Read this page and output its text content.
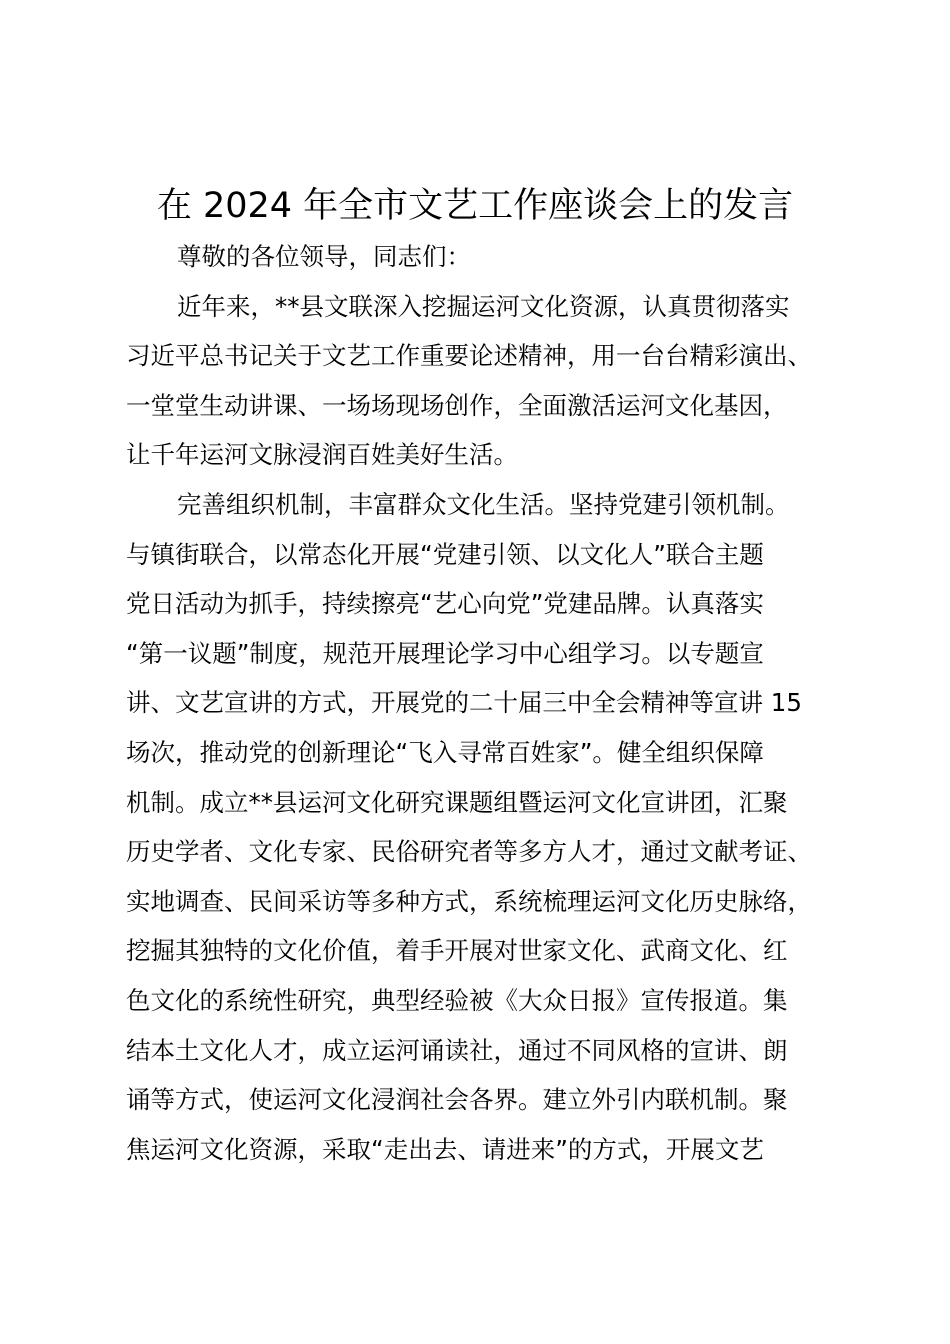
在 2024 年全市文艺工作座谈会上的发言
尊敬的各位领导，同志们：
近年来，**县文联深入挖掘运河文化资源，认真贯彻落实
习近平总书记关于文艺工作重要论述精神，用一台台精彩演出、
一堂堂生动讲课、一场场现场创作，全面激活运河文化基因，
让千年运河文脉浸润百姓美好生活。
完善组织机制，丰富群众文化生活。坚持党建引领机制。
与镇街联合，以常态化开展“党建引领、以文化人”联合主题
党日活动为抓手，持续擦亮“艺心向党”党建品牌。认真落实
“第一议题”制度，规范开展理论学习中心组学习。以专题宣
讲、文艺宣讲的方式，开展党的二十届三中全会精神等宣讲 15
场次，推动党的创新理论“飞入寻常百姓家”。健全组织保障
机制。成立**县运河文化研究课题组暨运河文化宣讲团，汇聚
历史学者、文化专家、民俗研究者等多方人才，通过文献考证、
实地调查、民间采访等多种方式，系统梳理运河文化历史脉络，
挖掘其独特的文化价值，着手开展对世家文化、武商文化、红
色文化的系统性研究，典型经验被《大众日报》宣传报道。集
结本土文化人才，成立运河诵读社，通过不同风格的宣讲、朗
诵等方式，使运河文化浸润社会各界。建立外引内联机制。聚
焦运河文化资源，采取“走出去、请进来”的方式，开展文艺
